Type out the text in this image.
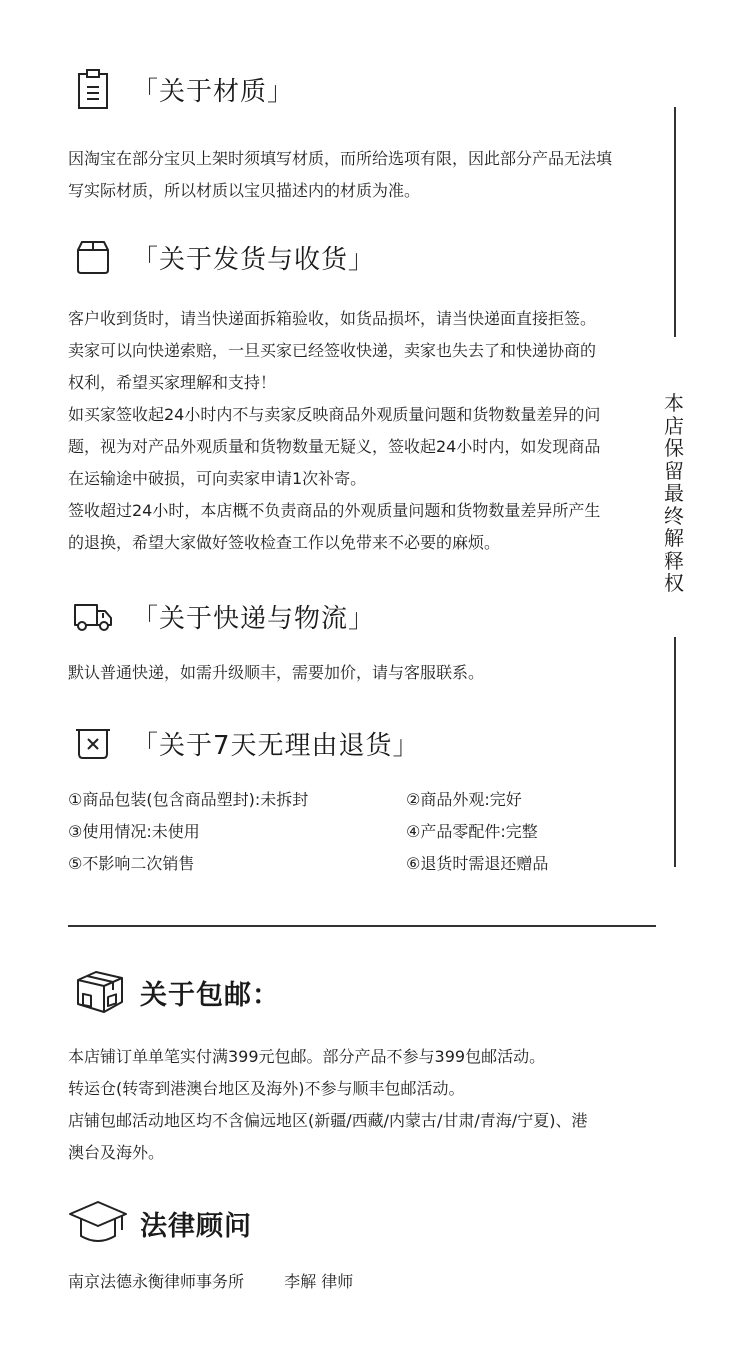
「关于材质」

因淘宝在部分宝贝上架时须填写材质，而所给选项有限，因此部分产品无法填

写实际材质，所以材质以宝贝描述内的材质为准。

「关于发货与收货」

客户收到货时，请当快递面拆箱验收，如货品损坏，请当快递面直接拒签。

卖家可以向快递索赔，一旦买家已经签收快递，卖家也失去了和快递协商的

权利，希望买家理解和支持！

如买家签收起24小时内不与卖家反映商品外观质量问题和货物数量差异的问

题，视为对产品外观质量和货物数量无疑义，签收起24小时内，如发现商品

在运输途中破损，可向卖家申请1次补寄。

签收超过24小时，本店概不负责商品的外观质量问题和货物数量差异所产生

的退换，希望大家做好签收检查工作以免带来不必要的麻烦。

「关于快递与物流」

默认普通快递，如需升级顺丰，需要加价，请与客服联系。

「关于7天无理由退货」
①商品包装(包含商品塑封):未拆封	②商品外观:完好
③使用情况:未使用	④产品零配件:完整
⑤不影响二次销售	⑥退货时需退还赠品
本店保留最终解释权
关于包邮：

本店铺订单单笔实付满399元包邮。部分产品不参与399包邮活动。

转运仓(转寄到港澳台地区及海外)不参与顺丰包邮活动。

店铺包邮活动地区均不含偏远地区(新疆/西藏/内蒙古/甘肃/青海/宁夏)、港

澳台及海外。

法律顾问
南京法德永衡律师事务所	李解 律师
